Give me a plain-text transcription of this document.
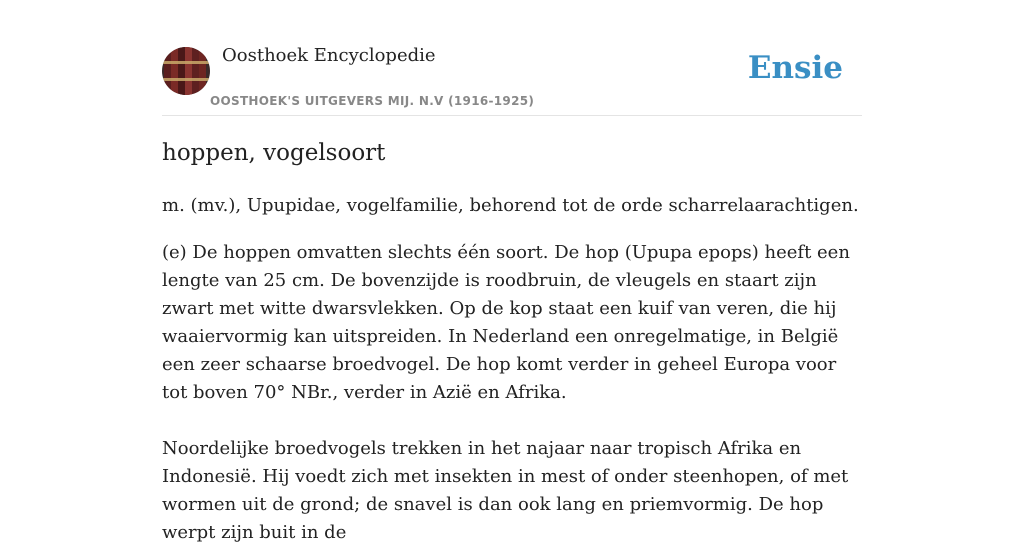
Oosthoek Encyclopedie
OOSTHOEK'S UITGEVERS MIJ. N.V (1916-1925)
Ensie
hoppen, vogelsoort

m. (mv.), Upupidae, vogelfamilie, behorend tot de orde scharrelaarachtigen.

(e) De hoppen omvatten slechts één soort. De hop (Upupa epops) heeft een lengte van 25 cm. De bovenzijde is roodbruin, de vleugels en staart zijn zwart met witte dwarsvlekken. Op de kop staat een kuif van veren, die hij waaiervormig kan uitspreiden. In Nederland een onregelmatige, in België een zeer schaarse broedvogel. De hop komt verder in geheel Europa voor tot boven 70° NBr., verder in Azië en Afrika.

Noordelijke broedvogels trekken in het najaar naar tropisch Afrika en Indonesië. Hij voedt zich met insekten in mest of onder steenhopen, of met wormen uit de grond; de snavel is dan ook lang en priemvormig. De hop werpt zijn buit in de
